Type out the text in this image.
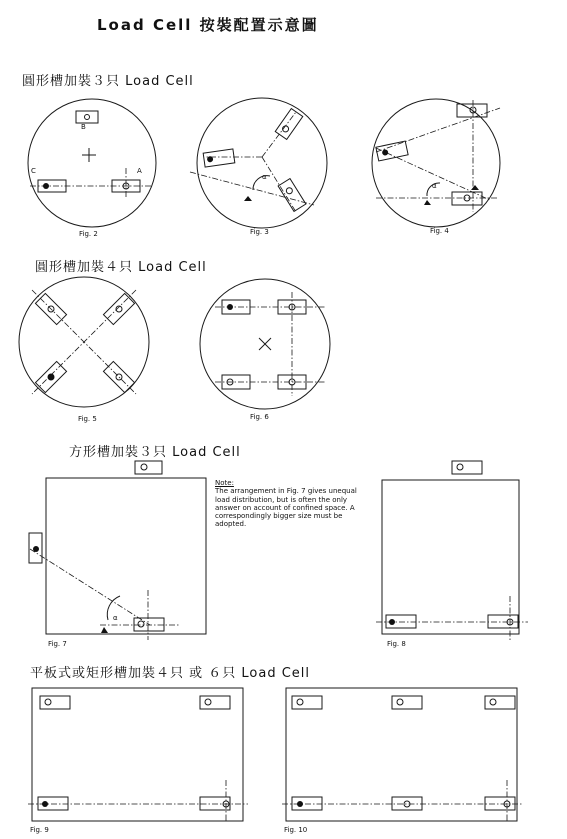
Load Cell 按裝配置示意圖
圓形槽加裝３只 Load Cell
圓形槽加裝４只 Load Cell
方形槽加裝３只 Load Cell
平板式或矩形槽加裝４只 或 ６只 Load Cell
Fig. 2	Fig. 3	Fig. 4
Fig. 5	Fig. 6
Fig. 7	Fig. 8
Fig. 9	Fig. 10
B
C	A
α
α
α
Note:
The arrangement in Fig. 7 gives unequal load distribution, but is often the only answer on account of confined space. A correspondingly bigger size must be adopted.
